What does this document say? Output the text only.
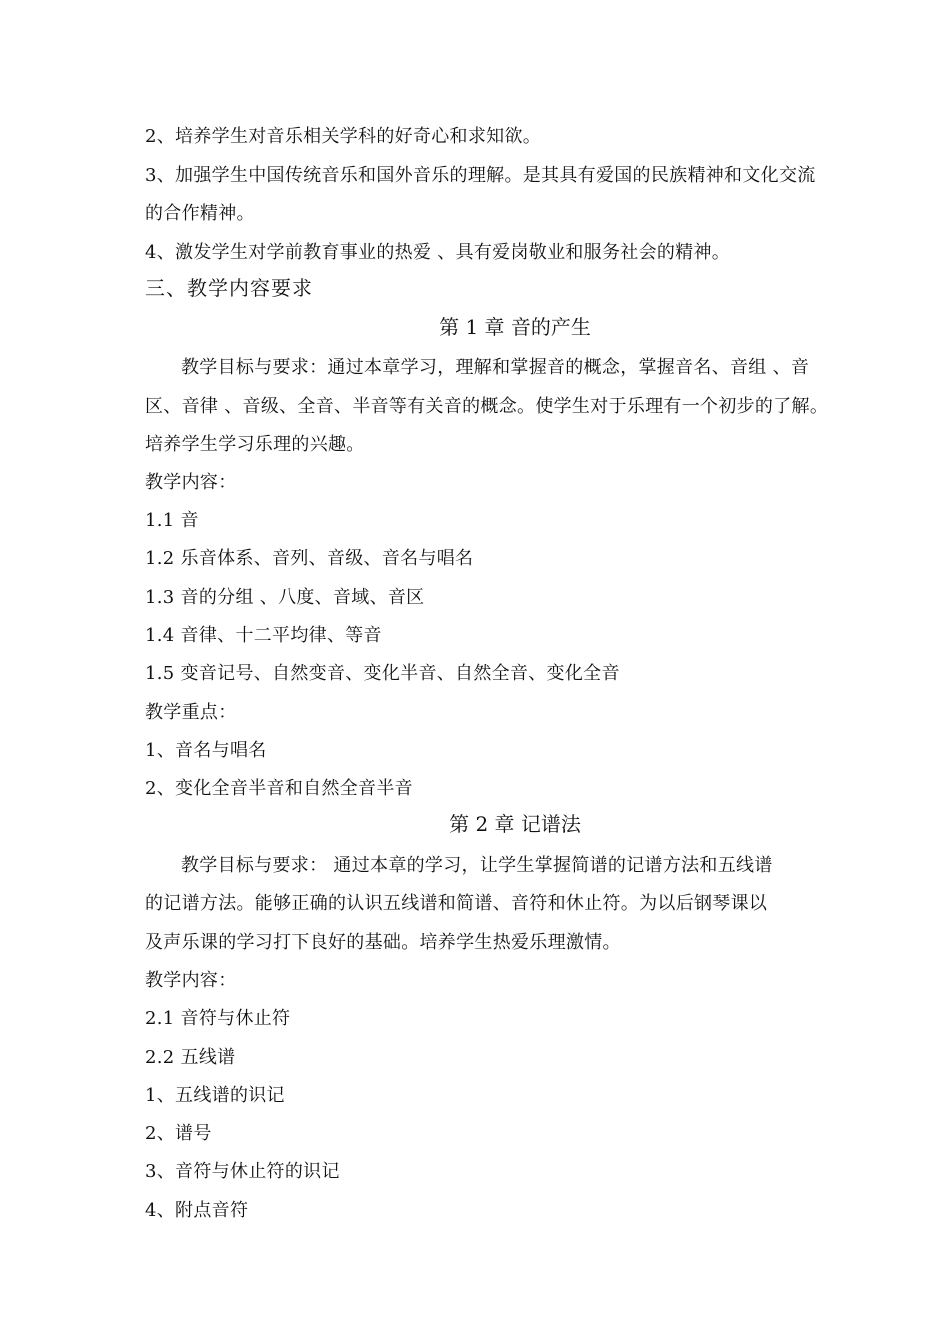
2、培养学生对音乐相关学科的好奇心和求知欲。
3、加强学生中国传统音乐和国外音乐的理解。是其具有爱国的民族精神和文化交流
的合作精神。
4、激发学生对学前教育事业的热爱 、具有爱岗敬业和服务社会的精神。
三、教学内容要求
第 1 章 音的产生
教学目标与要求：通过本章学习，理解和掌握音的概念，掌握音名、音组 、音
区、音律 、音级、全音、半音等有关音的概念。使学生对于乐理有一个初步的了解。
培养学生学习乐理的兴趣。
教学内容：
1.1 音
1.2 乐音体系、音列、音级、音名与唱名
1.3 音的分组 、八度、音域、音区
1.4 音律、十二平均律、等音
1.5 变音记号、自然变音、变化半音、自然全音、变化全音
教学重点：
1、音名与唱名
2、变化全音半音和自然全音半音
第 2 章 记谱法
教学目标与要求： 通过本章的学习，让学生掌握简谱的记谱方法和五线谱
的记谱方法。能够正确的认识五线谱和简谱、音符和休止符。为以后钢琴课以
及声乐课的学习打下良好的基础。培养学生热爱乐理激情。
教学内容：
2.1 音符与休止符
2.2 五线谱
1、五线谱的识记
2、谱号
3、音符与休止符的识记
4、附点音符
